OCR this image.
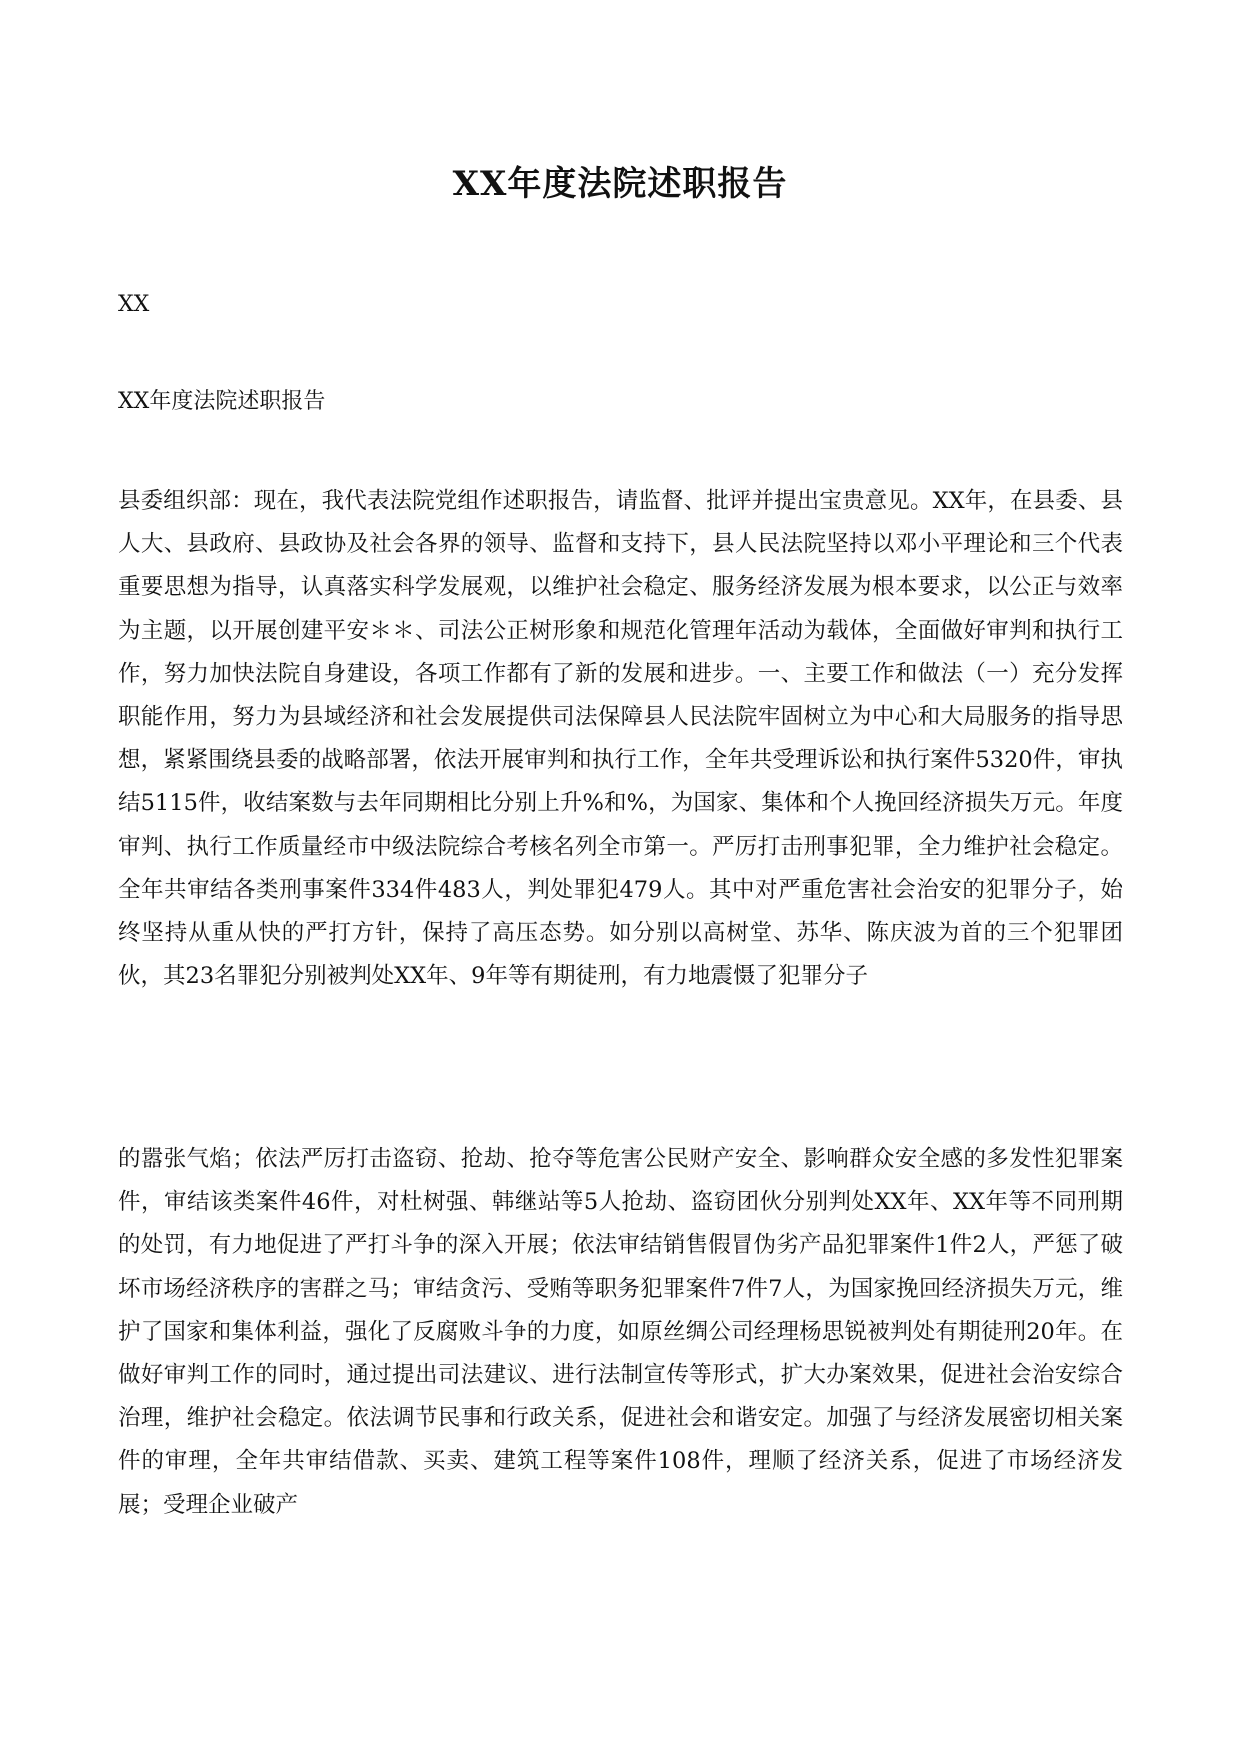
XX年度法院述职报告
XX
XX年度法院述职报告

县委组织部：现在，我代表法院党组作述职报告，请监督、批评并提出宝贵意见。XX年，在县委、县人大、县政府、县政协及社会各界的领导、监督和支持下，县人民法院坚持以邓小平理论和三个代表重要思想为指导，认真落实科学发展观，以维护社会稳定、服务经济发展为根本要求，以公正与效率为主题，以开展创建平安＊＊、司法公正树形象和规范化管理年活动为载体，全面做好审判和执行工作，努力加快法院自身建设，各项工作都有了新的发展和进步。一、主要工作和做法（一）充分发挥职能作用，努力为县域经济和社会发展提供司法保障县人民法院牢固树立为中心和大局服务的指导思想，紧紧围绕县委的战略部署，依法开展审判和执行工作，全年共受理诉讼和执行案件5320件，审执结5115件，收结案数与去年同期相比分别上升%和%，为国家、集体和个人挽回经济损失万元。年度审判、执行工作质量经市中级法院综合考核名列全市第一。严厉打击刑事犯罪，全力维护社会稳定。全年共审结各类刑事案件334件483人，判处罪犯479人。其中对严重危害社会治安的犯罪分子，始终坚持从重从快的严打方针，保持了高压态势。如分别以高树堂、苏华、陈庆波为首的三个犯罪团伙，其23名罪犯分别被判处XX年、9年等有期徒刑，有力地震慑了犯罪分子

的嚣张气焰；依法严厉打击盗窃、抢劫、抢夺等危害公民财产安全、影响群众安全感的多发性犯罪案件，审结该类案件46件，对杜树强、韩继站等5人抢劫、盗窃团伙分别判处XX年、XX年等不同刑期的处罚，有力地促进了严打斗争的深入开展；依法审结销售假冒伪劣产品犯罪案件1件2人，严惩了破坏市场经济秩序的害群之马；审结贪污、受贿等职务犯罪案件7件7人，为国家挽回经济损失万元，维护了国家和集体利益，强化了反腐败斗争的力度，如原丝绸公司经理杨思锐被判处有期徒刑20年。在做好审判工作的同时，通过提出司法建议、进行法制宣传等形式，扩大办案效果，促进社会治安综合治理，维护社会稳定。依法调节民事和行政关系，促进社会和谐安定。加强了与经济发展密切相关案件的审理，全年共审结借款、买卖、建筑工程等案件108件，理顺了经济关系，促进了市场经济发展；受理企业破产
